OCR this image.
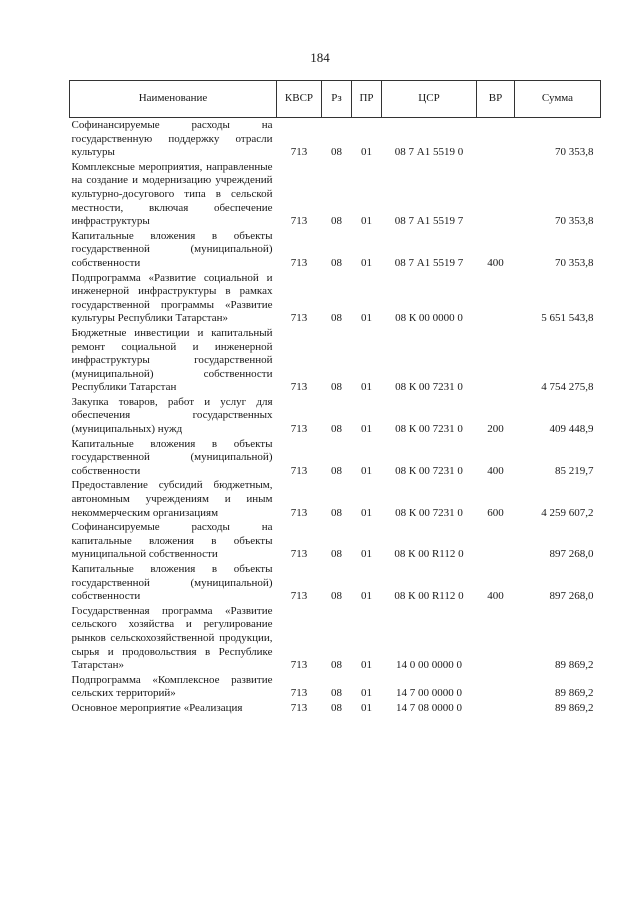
184
Наименование	КВСР	Рз	ПР	ЦСР	ВР	Сумма
Софинансируемые расходы на государственную поддержку отрасли культуры	713	08	01	08 7 А1 5519 0		70 353,8
Комплексные мероприятия, направленные на создание и модернизацию учреждений культурно-досугового типа в сельской местности, включая обеспечение инфраструктуры	713	08	01	08 7 А1 5519 7		70 353,8
Капитальные вложения в объекты государственной (муниципальной) собственности	713	08	01	08 7 А1 5519 7	400	70 353,8
Подпрограмма «Развитие социальной и инженерной инфраструктуры в рамках государственной программы «Развитие культуры Республики Татарстан»	713	08	01	08 К 00 0000 0		5 651 543,8
Бюджетные инвестиции и капитальный ремонт социальной и инженерной инфраструктуры государственной (муниципальной) собственности Республики Татарстан	713	08	01	08 К 00 7231 0		4 754 275,8
Закупка товаров, работ и услуг для обеспечения государственных (муниципальных) нужд	713	08	01	08 К 00 7231 0	200	409 448,9
Капитальные вложения в объекты государственной (муниципальной) собственности	713	08	01	08 К 00 7231 0	400	85 219,7
Предоставление субсидий бюджетным, автономным учреждениям и иным некоммерческим организациям	713	08	01	08 К 00 7231 0	600	4 259 607,2
Софинансируемые расходы на капитальные вложения в объекты муниципальной собственности	713	08	01	08 К 00 R112 0		897 268,0
Капитальные вложения в объекты государственной (муниципальной) собственности	713	08	01	08 К 00 R112 0	400	897 268,0
Государственная программа «Развитие сельского хозяйства и регулирование рынков сельскохозяйственной продукции, сырья и продовольствия в Республике Татарстан»	713	08	01	14 0 00 0000 0		89 869,2
Подпрограмма «Комплексное развитие сельских территорий»	713	08	01	14 7 00 0000 0		89 869,2
Основное мероприятие «Реализация	713	08	01	14 7 08 0000 0		89 869,2
